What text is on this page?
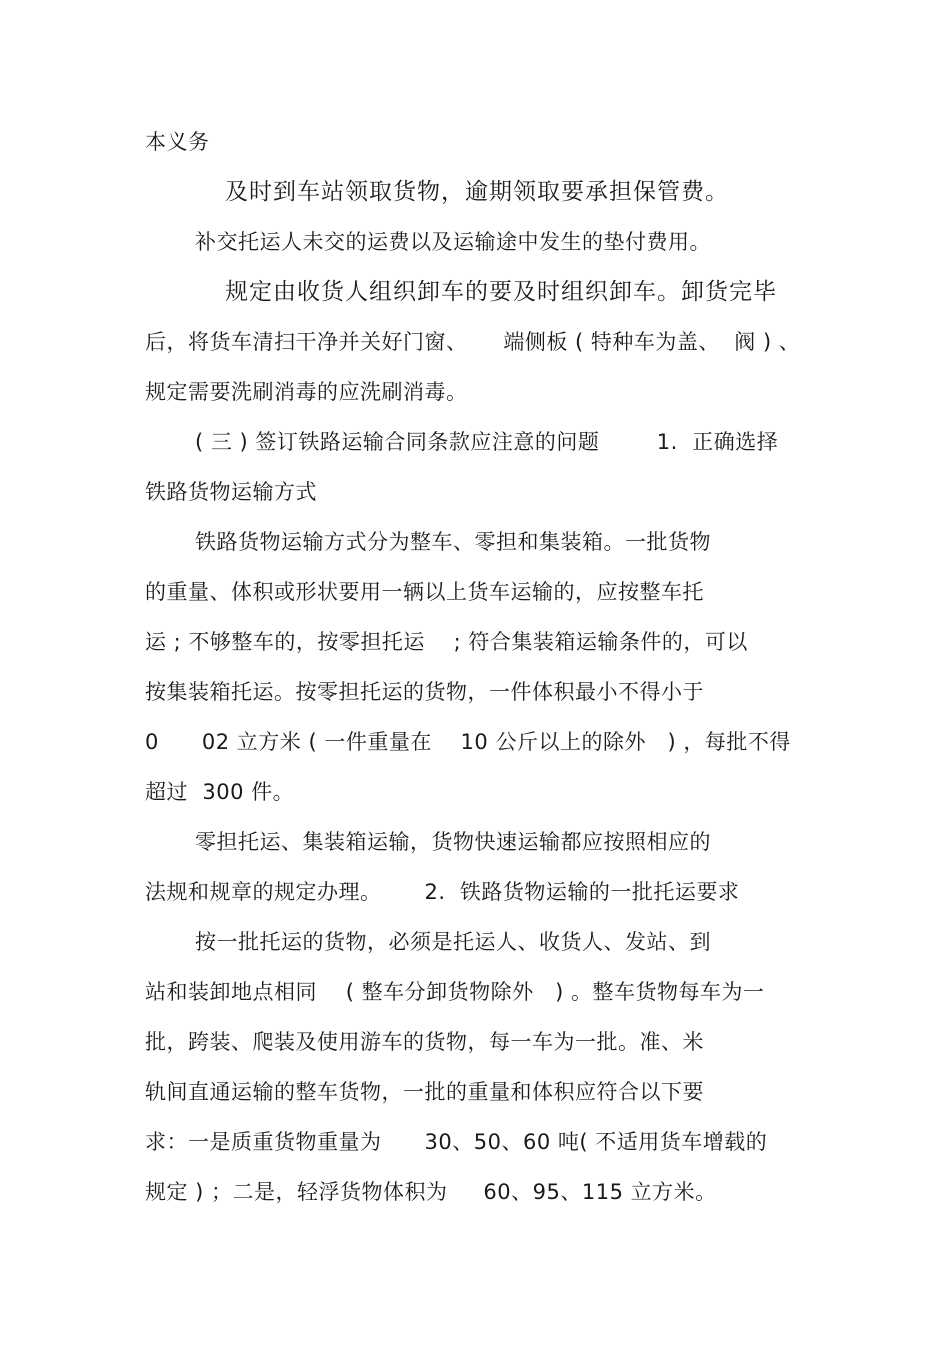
本义务
及时到车站领取货物，逾期领取要承担保管费。
补交托运人未交的运费以及运输途中发生的垫付费用。
规定由收货人组织卸车的要及时组织卸车。卸货完毕
后，将货车清扫干净并关好门窗、     端侧板 ( 特种车为盖、  阀 ) 、
规定需要洗刷消毒的应洗刷消毒。
( 三 ) 签订铁路运输合同条款应注意的问题        1.  正确选择
铁路货物运输方式
铁路货物运输方式分为整车、零担和集装箱。一批货物
的重量、体积或形状要用一辆以上货车运输的，应按整车托
运 ; 不够整车的，按零担托运    ; 符合集装箱运输条件的，可以
按集装箱托运。按零担托运的货物，一件体积最小不得小于
0      02 立方米 ( 一件重量在    10 公斤以上的除外   ) ，每批不得
超过  300 件。
零担托运、集装箱运输，货物快速运输都应按照相应的
法规和规章的规定办理。      2.  铁路货物运输的一批托运要求
按一批托运的货物，必须是托运人、收货人、发站、到
站和装卸地点相同    ( 整车分卸货物除外   ) 。整车货物每车为一
批，跨装、爬装及使用游车的货物，每一车为一批。准、米
轨间直通运输的整车货物，一批的重量和体积应符合以下要
求：一是质重货物重量为      30、50、60 吨( 不适用货车增载的
规定 ) ；二是，轻浮货物体积为     60、95、115 立方米。
